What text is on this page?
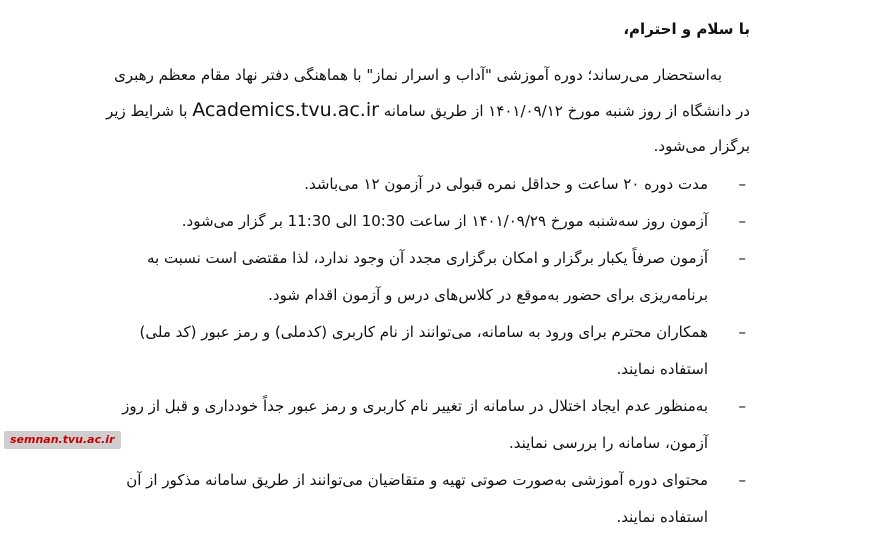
با سلام و احترام،

به‌استحضار می‌رساند؛ دوره آموزشی "آداب و اسرار نماز" با هماهنگی دفتر نهاد مقام معظم رهبری در دانشگاه از روز شنبه مورخ ۱۴۰۱/۰۹/۱۲ از طریق سامانه Academics.tvu.ac.ir با شرایط زیر برگزار می‌شود.

–
مدت دوره ۲۰ ساعت و حداقل نمره قبولی در آزمون ۱۲ می‌باشد.
–
آزمون روز سه‌شنبه مورخ ۱۴۰۱/۰۹/۲۹ از ساعت 10:30 الی 11:30 بر گزار می‌شود.
–
آزمون صرفاً یکبار برگزار و امکان برگزاری مجدد آن وجود ندارد، لذا مقتضی است نسبت به برنامه‌ریزی برای حضور به‌موقع در کلاس‌های درس و آزمون اقدام شود.
–
همکاران محترم برای ورود به سامانه، می‌توانند از نام کاربری (کدملی) و رمز عبور (کد ملی) استفاده نمایند.
–
به‌منظور عدم ایجاد اختلال در سامانه از تغییر نام کاربری و رمز عبور جداً خودداری و قبل از روز آزمون، سامانه را بررسی نمایند.
–
محتوای دوره آموزشی به‌صورت صوتی تهیه و متقاضیان می‌توانند از طریق سامانه مذکور از آن استفاده نمایند.
semnan.tvu.ac.ir
